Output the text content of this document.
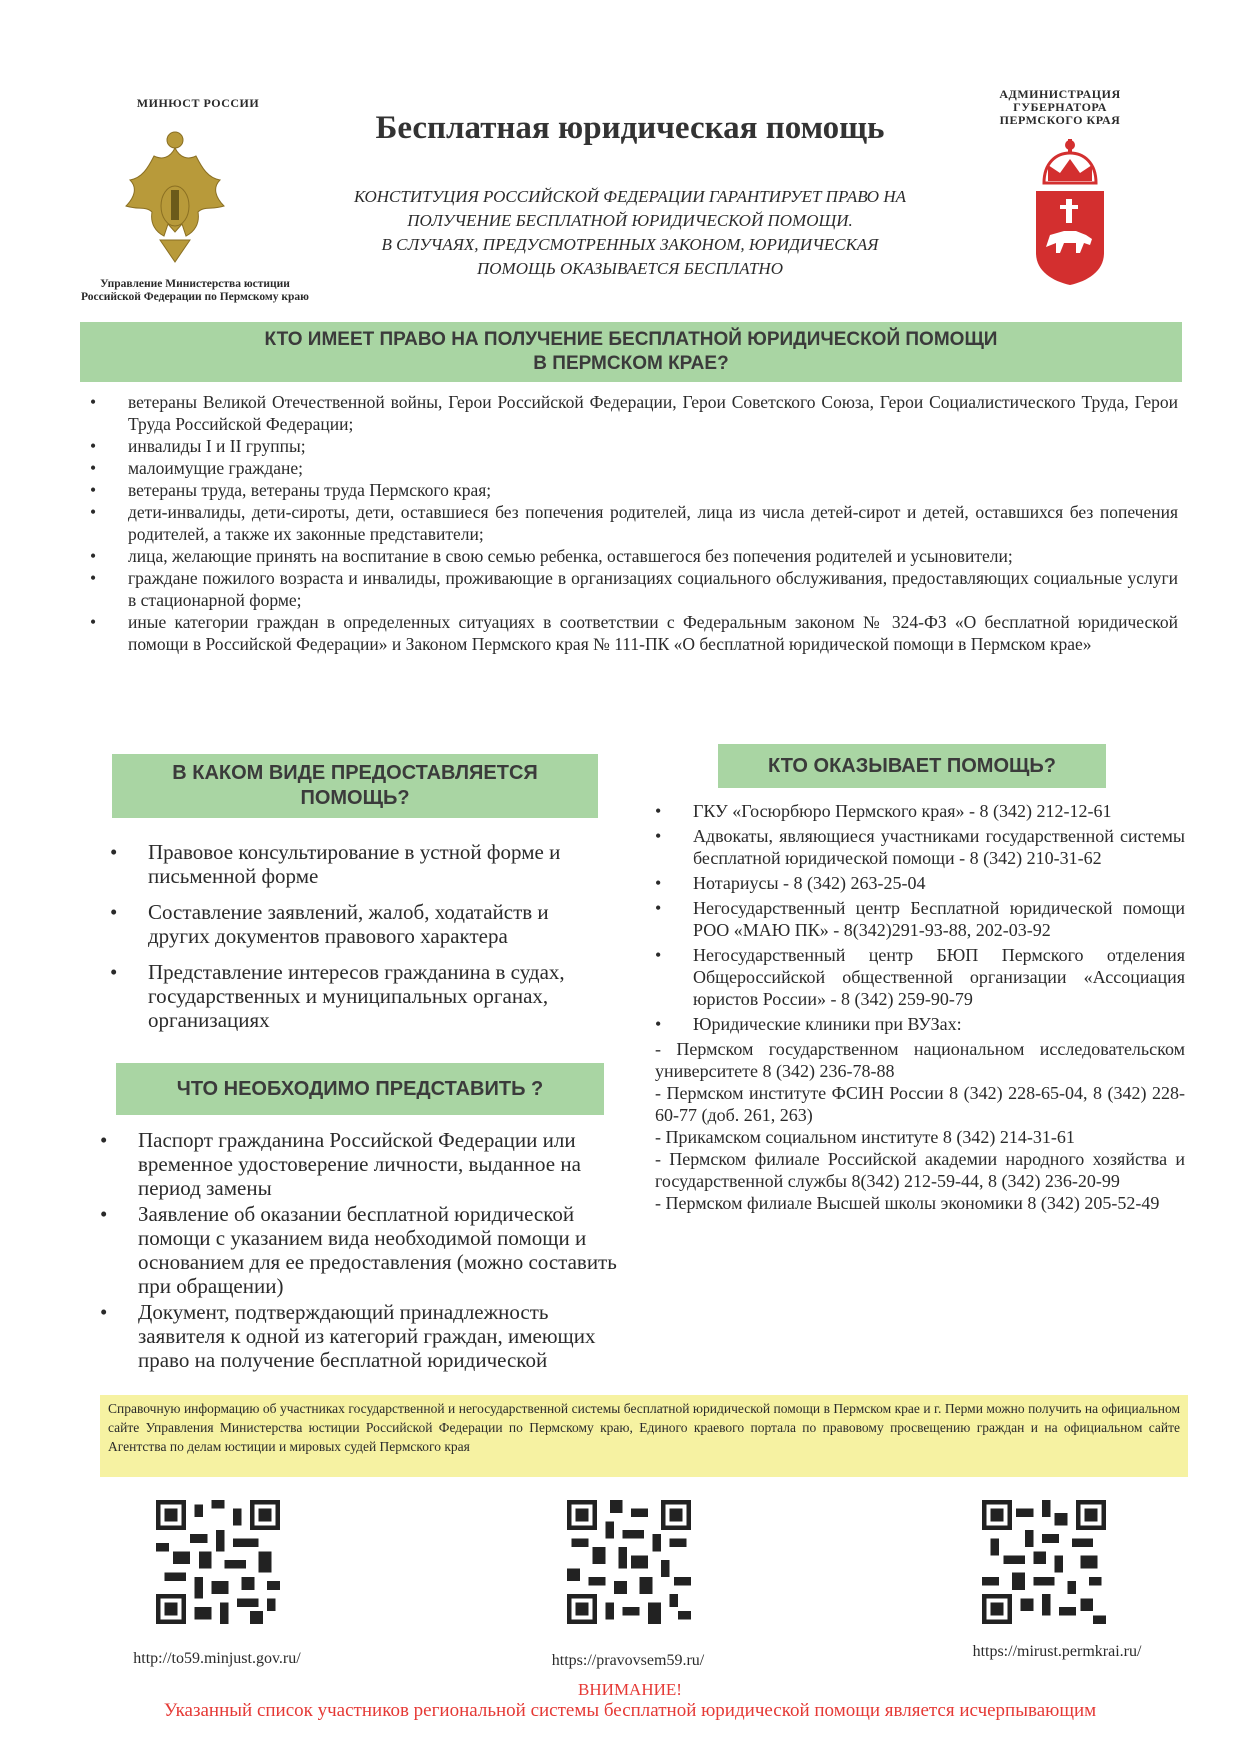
МИНЮСТ РОССИИ
Управление Министерства юстиции Российской Федерации по Пермскому краю
Бесплатная юридическая помощь
КОНСТИТУЦИЯ РОССИЙСКОЙ ФЕДЕРАЦИИ ГАРАНТИРУЕТ ПРАВО НА
ПОЛУЧЕНИЕ БЕСПЛАТНОЙ ЮРИДИЧЕСКОЙ ПОМОЩИ.
В СЛУЧАЯХ, ПРЕДУСМОТРЕННЫХ ЗАКОНОМ, ЮРИДИЧЕСКАЯ
ПОМОЩЬ ОКАЗЫВАЕТСЯ БЕСПЛАТНО
АДМИНИСТРАЦИЯ ГУБЕРНАТОРА ПЕРМСКОГО КРАЯ
КТО ИМЕЕТ ПРАВО НА ПОЛУЧЕНИЕ БЕСПЛАТНОЙ ЮРИДИЧЕСКОЙ ПОМОЩИ
В ПЕРМСКОМ КРАЕ?
• ветераны Великой Отечественной войны, Герои Российской Федерации, Герои Советского Союза, Герои Социалистического Труда, Герои Труда Российской Федерации;
• инвалиды I и II группы;
• малоимущие граждане;
• ветераны труда, ветераны труда Пермского края;
• дети-инвалиды, дети-сироты, дети, оставшиеся без попечения родителей, лица из числа детей-сирот и детей, оставшихся без попечения родителей, а также их законные представители;
• лица, желающие принять на воспитание в свою семью ребенка, оставшегося без попечения родителей и усыновители;
• граждане пожилого возраста и инвалиды, проживающие в организациях социального обслуживания, предоставляющих социальные услуги в стационарной форме;
• иные категории граждан в определенных ситуациях в соответствии с Федеральным законом № 324-ФЗ «О бесплатной юридической помощи в Российской Федерации» и Законом Пермского края № 111-ПК «О бесплатной юридической помощи в Пермском крае»
В КАКОМ ВИДЕ ПРЕДОСТАВЛЯЕТСЯ
ПОМОЩЬ?
• Правовое консультирование в устной форме и письменной форме
• Составление заявлений, жалоб, ходатайств и других документов правового характера
• Представление интересов гражданина в судах, государственных и муниципальных органах, организациях
ЧТО НЕОБХОДИМО ПРЕДСТАВИТЬ ?
• Паспорт гражданина Российской Федерации или временное удостоверение личности, выданное на период замены
• Заявление об оказании бесплатной юридической помощи с указанием вида необходимой помощи и основанием для ее предоставления (можно составить при обращении)
• Документ, подтверждающий принадлежность заявителя к одной из категорий граждан, имеющих право на получение бесплатной юридической
КТО ОКАЗЫВАЕТ ПОМОЩЬ?
• ГКУ «Госюрбюро Пермского края» - 8 (342) 212-12-61
• Адвокаты, являющиеся участниками государственной системы бесплатной юридической помощи - 8 (342) 210-31-62
• Нотариусы - 8 (342) 263-25-04
• Негосударственный центр Бесплатной юридической помощи РОО «МАЮ ПК» - 8(342)291-93-88, 202-03-92
• Негосударственный центр БЮП Пермского отделения Общероссийской общественной организации «Ассоциация юристов России» - 8 (342) 259-90-79
• Юридические клиники при ВУЗах:
- Пермском государственном национальном исследовательском университете 8 (342) 236-78-88
- Пермском институте ФСИН России 8 (342) 228-65-04, 8 (342) 228-60-77 (доб. 261, 263)
- Прикамском социальном институте 8 (342) 214-31-61
- Пермском филиале Российской академии народного хозяйства и государственной службы 8(342) 212-59-44, 8 (342) 236-20-99
- Пермском филиале Высшей школы экономики 8 (342) 205-52-49
Справочную информацию об участниках государственной и негосударственной системы бесплатной юридической помощи в Пермском крае и г. Перми можно получить на официальном сайте Управления Министерства юстиции Российской Федерации по Пермскому краю, Единого краевого портала по правовому просвещению граждан и на официальном сайте Агентства по делам юстиции и мировых судей Пермского края
http://to59.minjust.gov.ru/	https://pravovsem59.ru/
https://mirust.permkrai.ru/
ВНИМАНИЕ!
Указанный список участников региональной системы бесплатной юридической помощи является исчерпывающим
